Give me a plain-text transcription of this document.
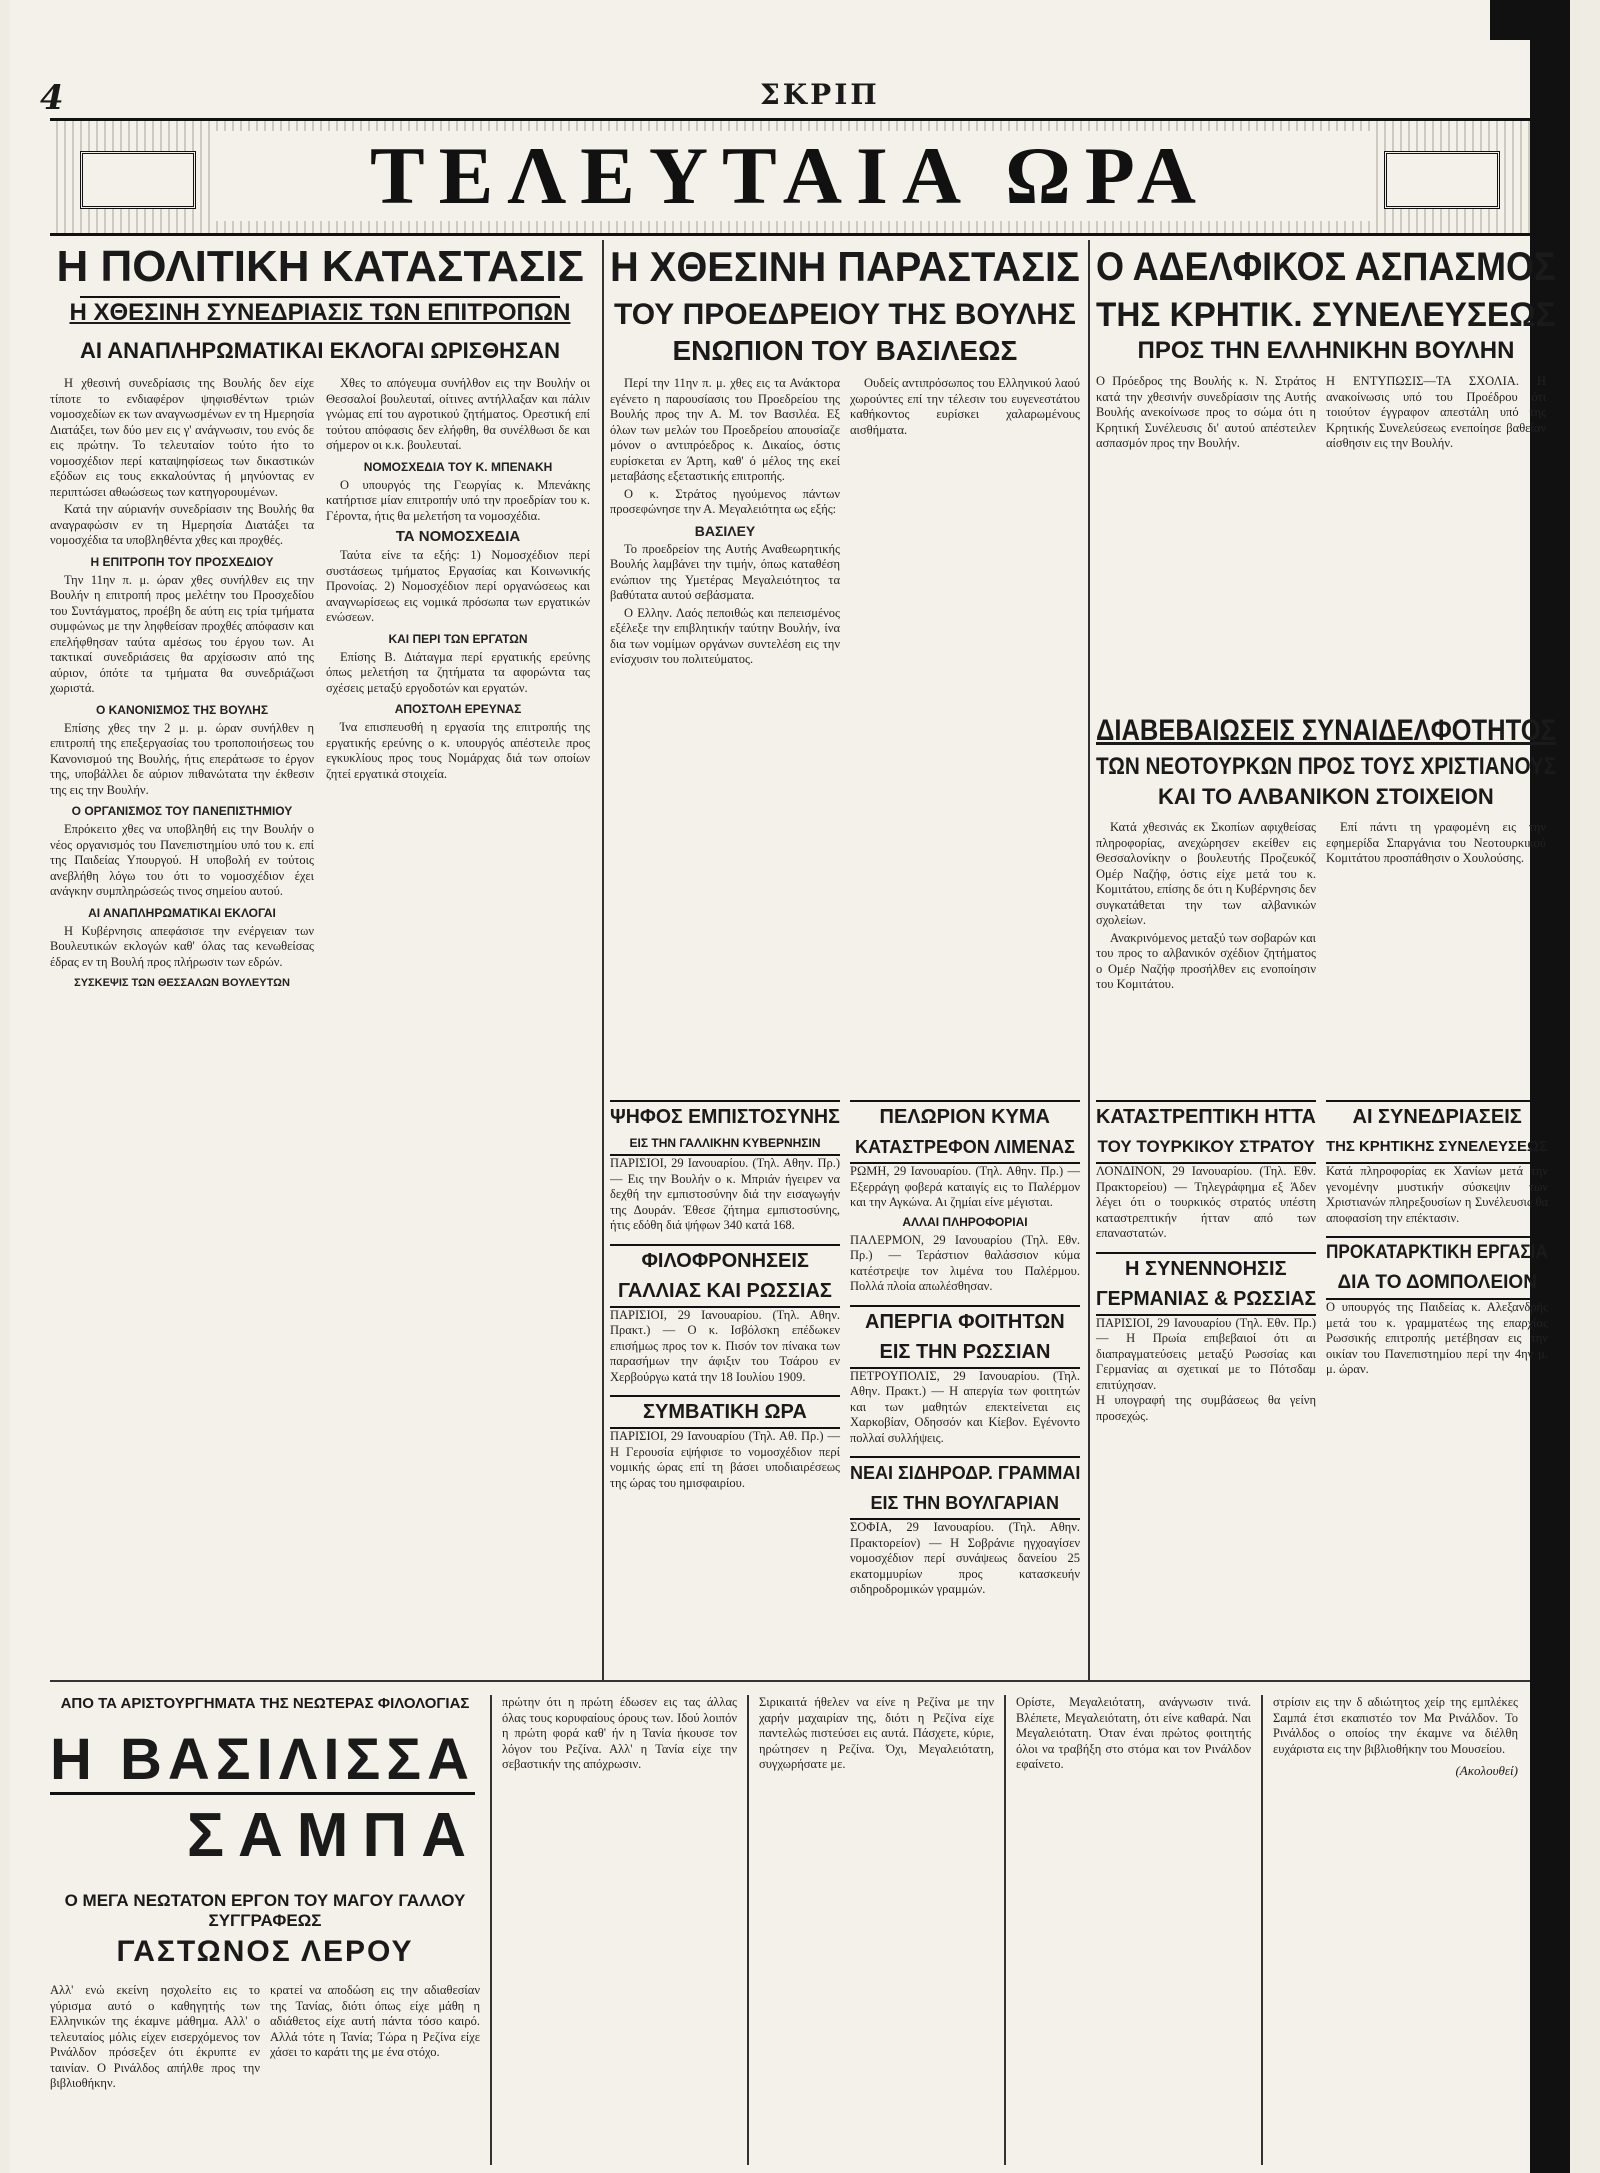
4	ΣΚΡΙΠ
ΤΕΛΕΥΤΑΙΑ ΩΡΑ
Η ΠΟΛΙΤΙΚΗ ΚΑΤΑΣΤΑΣΙΣ
Η ΧΘΕΣΙΝΗ ΣΥΝΕΔΡΙΑΣΙΣ ΤΩΝ ΕΠΙΤΡΟΠΩΝ
ΑΙ ΑΝΑΠΛΗΡΩΜΑΤΙΚΑΙ ΕΚΛΟΓΑΙ ΩΡΙΣΘΗΣΑΝ

Η χθεσινή συνεδρίασις της Βουλής δεν είχε τίποτε το ενδιαφέρον ψηφισθέντων τριών νομοσχεδίων εκ των αναγνωσμένων εν τη Ημερησία Διατάξει, των δύο μεν εις γ' ανάγνωσιν, του ενός δε εις πρώτην. Το τελευταίον τούτο ήτο το νομοσχέδιον περί καταψηφίσεως των δικαστικών εξόδων εις τους εκκαλούντας ή μηνύοντας εν περιπτώσει αθωώσεως των κατηγορουμένων.

Κατά την αύριανήν συνεδρίασιν της Βουλής θα αναγραφώσιν εν τη Ημερησία Διατάξει τα νομοσχέδια τα υποβληθέντα χθες και προχθές.

Η ΕΠΙΤΡΟΠΗ ΤΟΥ ΠΡΟΣΧΕΔΙΟΥ

Την 11ην π. μ. ώραν χθες συνήλθεν εις την Βουλήν η επιτροπή προς μελέτην του Προσχεδίου του Συντάγματος, προέβη δε αύτη εις τρία τμήματα συμφώνως με την ληφθείσαν προχθές απόφασιν και επελήφθησαν ταύτα αμέσως του έργου των. Αι τακτικαί συνεδριάσεις θα αρχίσωσιν από της αύριον, όπότε τα τμήματα θα συνεδριάζωσι χωριστά.

Ο ΚΑΝΟΝΙΣΜΟΣ ΤΗΣ ΒΟΥΛΗΣ

Επίσης χθες την 2 μ. μ. ώραν συνήλθεν η επιτροπή της επεξεργασίας του τροποποιήσεως του Κανονισμού της Βουλής, ήτις επεράτωσε το έργον της, υποβάλλει δε αύριον πιθανώτατα την έκθεσιν της εις την Βουλήν.

Ο ΟΡΓΑΝΙΣΜΟΣ ΤΟΥ ΠΑΝΕΠΙΣΤΗΜΙΟΥ

Επρόκειτο χθες να υποβληθή εις την Βουλήν ο νέος οργανισμός του Πανεπιστημίου υπό του κ. επί της Παιδείας Υπουργού. Η υποβολή εν τούτοις ανεβλήθη λόγω του ότι το νομοσχέδιον έχει ανάγκην συμπληρώσεώς τινος σημείου αυτού.

ΑΙ ΑΝΑΠΛΗΡΩΜΑΤΙΚΑΙ ΕΚΛΟΓΑΙ

Η Κυβέρνησις απεφάσισε την ενέργειαν των Βουλευτικών εκλογών καθ' όλας τας κενωθείσας έδρας εν τη Βουλή προς πλήρωσιν των εδρών.

ΣΥΣΚΕΨΙΣ ΤΩΝ ΘΕΣΣΑΛΩΝ ΒΟΥΛΕΥΤΩΝ

Χθες το απόγευμα συνήλθον εις την Βουλήν οι Θεσσαλοί βουλευταί, οίτινες αντήλλαξαν και πάλιν γνώμας επί του αγροτικού ζητήματος. Ορεστική επί τούτου απόφασις δεν ελήφθη, θα συνέλθωσι δε και σήμερον οι κ.κ. βουλευταί.

ΝΟΜΟΣΧΕΔΙΑ ΤΟΥ Κ. ΜΠΕΝΑΚΗ

Ο υπουργός της Γεωργίας κ. Μπενάκης κατήρτισε μίαν επιτροπήν υπό την προεδρίαν του κ. Γέροντα, ήτις θα μελετήση τα νομοσχέδια.

ΤΑ ΝΟΜΟΣΧΕΔΙΑ

Ταύτα είνε τα εξής: 1) Νομοσχέδιον περί συστάσεως τμήματος Εργασίας και Κοινωνικής Προνοίας. 2) Νομοσχέδιον περί οργανώσεως και αναγνωρίσεως εις νομικά πρόσωπα των εργατικών ενώσεων.

ΚΑΙ ΠΕΡΙ ΤΩΝ ΕΡΓΑΤΩΝ

Επίσης Β. Διάταγμα περί εργατικής ερεύνης όπως μελετήση τα ζητήματα τα αφορώντα τας σχέσεις μεταξύ εργοδοτών και εργατών.

ΑΠΟΣΤΟΛΗ ΕΡΕΥΝΑΣ

Ίνα επισπευσθή η εργασία της επιτροπής της εργατικής ερεύνης ο κ. υπουργός απέστειλε προς εγκυκλίους προς τους Νομάρχας διά των οποίων ζητεί εργατικά στοιχεία.

Η ΧΘΕΣΙΝΗ ΠΑΡΑΣΤΑΣΙΣ
ΤΟΥ ΠΡΟΕΔΡΕΙΟΥ ΤΗΣ ΒΟΥΛΗΣ
ΕΝΩΠΙΟΝ ΤΟΥ ΒΑΣΙΛΕΩΣ

Περί την 11ην π. μ. χθες εις τα Ανάκτορα εγένετο η παρουσίασις του Προεδρείου της Βουλής προς την Α. Μ. τον Βασιλέα. Εξ όλων των μελών του Προεδρείου απουσίαζε μόνον ο αντιπρόεδρος κ. Δικαίος, όστις ευρίσκεται εν Άρτη, καθ' ό μέλος της εκεί μεταβάσης εξεταστικής επιτροπής.

Ο κ. Στράτος ηγούμενος πάντων προσεφώνησε την Α. Μεγαλειότητα ως εξής:

ΒΑΣΙΛΕΥ

Το προεδρείον της Αυτής Αναθεωρητικής Βουλής λαμβάνει την τιμήν, όπως καταθέση ενώπιον της Υμετέρας Μεγαλειότητος τα βαθύτατα αυτού σεβάσματα.

Ο Ελλην. Λαός πεποιθώς και πεπεισμένος εξέλεξε την επιβλητικήν ταύτην Βουλήν, ίνα δια των νομίμων οργάνων συντελέση εις την ενίσχυσιν του πολιτεύματος.

Ουδείς αντιπρόσωπος του Ελληνικού λαού χωρούντες επί την τέλεσιν του ευγενεστάτου καθήκοντος ευρίσκει χαλαρωμένους αισθήματα.

ΨΗΦΟΣ ΕΜΠΙΣΤΟΣΥΝΗΣ
ΕΙΣ ΤΗΝ ΓΑΛΛΙΚΗΝ ΚΥΒΕΡΝΗΣΙΝ

ΠΑΡΙΣΙΟΙ, 29 Ιανουαρίου. (Τηλ. Αθην. Πρ.) — Εις την Βουλήν ο κ. Μπριάν ήγειρεν να δεχθή την εμπιστοσύνην διά την εισαγωγήν της Δουράν. Έθεσε ζήτημα εμπιστοσύνης, ήτις εδόθη διά ψήφων 340 κατά 168.

ΦΙΛΟΦΡΟΝΗΣΕΙΣ
ΓΑΛΛΙΑΣ ΚΑΙ ΡΩΣΣΙΑΣ

ΠΑΡΙΣΙΟΙ, 29 Ιανουαρίου. (Τηλ. Αθην. Πρακτ.) — Ο κ. Ισβόλσκη επέδωκεν επισήμως προς τον κ. Πισόν τον πίνακα των παρασήμων την άφιξιν του Τσάρου εν Χερβούργω κατά την 18 Ιουλίου 1909.

ΣΥΜΒΑΤΙΚΗ ΩΡΑ

ΠΑΡΙΣΙΟΙ, 29 Ιανουαρίου (Τηλ. Αθ. Πρ.) — Η Γερουσία εψήφισε το νομοσχέδιον περί νομικής ώρας επί τη βάσει υποδιαιρέσεως της ώρας του ημισφαιρίου.

Ο ΑΔΕΛΦΙΚΟΣ ΑΣΠΑΣΜΟΣ
ΤΗΣ ΚΡΗΤΙΚ. ΣΥΝΕΛΕΥΣΕΩΣ
ΠΡΟΣ ΤΗΝ ΕΛΛΗΝΙΚΗΝ ΒΟΥΛΗΝ

Ο Πρόεδρος της Βουλής κ. Ν. Στράτος κατά την χθεσινήν συνεδρίασιν της Αυτής Βουλής ανεκοίνωσε προς το σώμα ότι η Κρητική Συνέλευσις δι' αυτού απέστειλεν ασπασμόν προς την Βουλήν.

Η ΕΝΤΥΠΩΣΙΣ—ΤΑ ΣΧΟΛΙΑ. Η ανακοίνωσις υπό του Προέδρου ότι τοιούτον έγγραφον απεστάλη υπό της Κρητικής Συνελεύσεως ενεποίησε βαθείαν αίσθησιν εις την Βουλήν.

ΔΙΑΒΕΒΑΙΩΣΕΙΣ ΣΥΝΑΙΔΕΛΦΟΤΗΤΟΣ
ΤΩΝ ΝΕΟΤΟΥΡΚΩΝ ΠΡΟΣ ΤΟΥΣ ΧΡΙΣΤΙΑΝΟΥΣ
ΚΑΙ ΤΟ ΑΛΒΑΝΙΚΟΝ ΣΤΟΙΧΕΙΟΝ

Κατά χθεσινάς εκ Σκοπίων αφιχθείσας πληροφορίας, ανεχώρησεν εκείθεν εις Θεσσαλονίκην ο βουλευτής Προζευκόζ Ομέρ Ναζήφ, όστις είχε μετά του κ. Κομιτάτου, επίσης δε ότι η Κυβέρνησις δεν συγκατάθεται την των αλβανικών σχολείων.

Ανακρινόμενος μεταξύ των σοβαρών και του προς το αλβανικόν σχέδιον ζητήματος ο Ομέρ Ναζήφ προσήλθεν εις ενοποίησιν του Κομιτάτου.

Επί πάντι τη γραφομένη εις την εφημερίδα Σπαργάνια του Νεοτουρκικού Κομιτάτου προσπάθησιν ο Χουλούσης.

ΠΕΛΩΡΙΟΝ ΚΥΜΑ
ΚΑΤΑΣΤΡΕΦΟΝ ΛΙΜΕΝΑΣ

ΡΩΜΗ, 29 Ιανουαρίου. (Τηλ. Αθην. Πρ.) — Εξερράγη φοβερά καταιγίς εις το Παλέρμον και την Αγκώνα. Αι ζημίαι είνε μέγισται.

ΑΛΛΑΙ ΠΛΗΡΟΦΟΡΙΑΙ

ΠΑΛΕΡΜΟΝ, 29 Ιανουαρίου (Τηλ. Εθν. Πρ.) — Τεράστιον θαλάσσιον κύμα κατέστρεψε τον λιμένα του Παλέρμου. Πολλά πλοία απωλέσθησαν.

ΑΠΕΡΓΙΑ ΦΟΙΤΗΤΩΝ
ΕΙΣ ΤΗΝ ΡΩΣΣΙΑΝ

ΠΕΤΡΟΥΠΟΛΙΣ, 29 Ιανουαρίου. (Τηλ. Αθην. Πρακτ.) — Η απεργία των φοιτητών και των μαθητών επεκτείνεται εις Χαρκοβίαν, Οδησσόν και Κίεβον. Εγένοντο πολλαί συλλήψεις.

ΝΕΑΙ ΣΙΔΗΡΟΔΡ. ΓΡΑΜΜΑΙ
ΕΙΣ ΤΗΝ ΒΟΥΛΓΑΡΙΑΝ

ΣΟΦΙΑ, 29 Ιανουαρίου. (Τηλ. Αθην. Πρακτορείον) — Η Σοβράνιε ηγχοαγίσεν νομοσχέδιον περί συνάψεως δανείου 25 εκατομμυρίων προς κατασκευήν σιδηροδρομικών γραμμών.

ΚΑΤΑΣΤΡΕΠΤΙΚΗ ΗΤΤΑ
ΤΟΥ ΤΟΥΡΚΙΚΟΥ ΣΤΡΑΤΟΥ

ΛΟΝΔΙΝΟΝ, 29 Ιανουαρίου. (Τηλ. Εθν. Πρακτορείου) — Τηλεγράφημα εξ Άδεν λέγει ότι ο τουρκικός στρατός υπέστη καταστρεπτικήν ήτταν από των επαναστατών.

Η ΣΥΝΕΝΝΟΗΣΙΣ
ΓΕΡΜΑΝΙΑΣ & ΡΩΣΣΙΑΣ

ΠΑΡΙΣΙΟΙ, 29 Ιανουαρίου (Τηλ. Εθν. Πρ.) — Η Πρωία επιβεβαιοί ότι αι διαπραγματεύσεις μεταξύ Ρωσσίας και Γερμανίας αι σχετικαί με το Πότσδαμ επιτύχησαν.

Η υπογραφή της συμβάσεως θα γείνη προσεχώς.

ΑΙ ΣΥΝΕΔΡΙΑΣΕΙΣ
ΤΗΣ ΚΡΗΤΙΚΗΣ ΣΥΝΕΛΕΥΣΕΩΣ

Κατά πληροφορίας εκ Χανίων μετά την γενομένην μυστικήν σύσκεψιν των Χριστιανών πληρεξουσίων η Συνέλευσις θα αποφασίση την επέκτασιν.

ΠΡΟΚΑΤΑΡΚΤΙΚΗ ΕΡΓΑΣΙΑ
ΔΙΑ ΤΟ ΔΟΜΠΟΛΕΙΟΝ

Ο υπουργός της Παιδείας κ. Αλεξανδρής μετά του κ. γραμματέως της επαρχίας Ρωσσικής επιτροπής μετέβησαν εις την οικίαν του Πανεπιστημίου περί την 4ην μ. μ. ώραν.

ΑΠΟ ΤΑ ΑΡΙΣΤΟΥΡΓΗΜΑΤΑ ΤΗΣ ΝΕΩΤΕΡΑΣ ΦΙΛΟΛΟΓΙΑΣ
Η ΒΑΣΙΛΙΣΣΑ
ΣΑΜΠΑ
Ο ΜΕΓΑ ΝΕΩΤΑΤΟΝ ΕΡΓΟΝ ΤΟΥ ΜΑΓΟΥ ΓΑΛΛΟΥ ΣΥΓΓΡΑΦΕΩΣ
ΓΑΣΤΩΝΟΣ ΛΕΡΟΥ

Αλλ' ενώ εκείνη ησχολείτο εις το γύρισμα αυτό ο καθηγητής των Ελληνικών της έκαμνε μάθημα. Αλλ' ο τελευταίος μόλις είχεν εισερχόμενος τον Ρινάλδον πρόσεξεν ότι έκρυπτε εν ταινίαν. Ο Ρινάλδος απήλθε προς την βιβλιοθήκην.

κρατεί να αποδώση εις την αδιαθεσίαν της Τανίας, διότι όπως είχε μάθη η αδιάθετος είχε αυτή πάντα τόσο καιρό. Αλλά τότε η Τανία; Τώρα η Ρεζίνα είχε χάσει το καράτι της με ένα στόχο.

πρώτην ότι η πρώτη έδωσεν εις τας άλλας όλας τους κορυφαίους όρους των. Ιδού λοιπόν η πρώτη φορά καθ' ήν η Τανία ήκουσε τον λόγον του Ρεζίνα. Αλλ' η Τανία είχε την σεβαστικήν της απόχρωσιν.

Σιρικαιτά ήθελεν να είνε η Ρεζίνα με την χαρήν μαχαιρίαν της, διότι η Ρεζίνα είχε παντελώς πιστεύσει εις αυτά. Πάσχετε, κύριε, ηρώτησεν η Ρεζίνα. Όχι, Μεγαλειότατη, συγχωρήσατε με.

Ορίστε, Μεγαλειότατη, ανάγνωσιν τινά. Βλέπετε, Μεγαλειότατη, ότι είνε καθαρά. Ναι Μεγαλειότατη. Όταν έναι πρώτος φοιτητής όλοι να τραβήξη στο στόμα και τον Ρινάλδον εφαίνετο.

στρίσιν εις την δ αδιώτητος χείρ της εμπλέκες Σαμπά έτσι εκαπιστέο τον Μα Ρινάλδον. Το Ρινάλδος ο οποίος την έκαμνε να διέλθη ευχάριστα εις την βιβλιοθήκην του Μουσείου.

(Ακολουθεί)
